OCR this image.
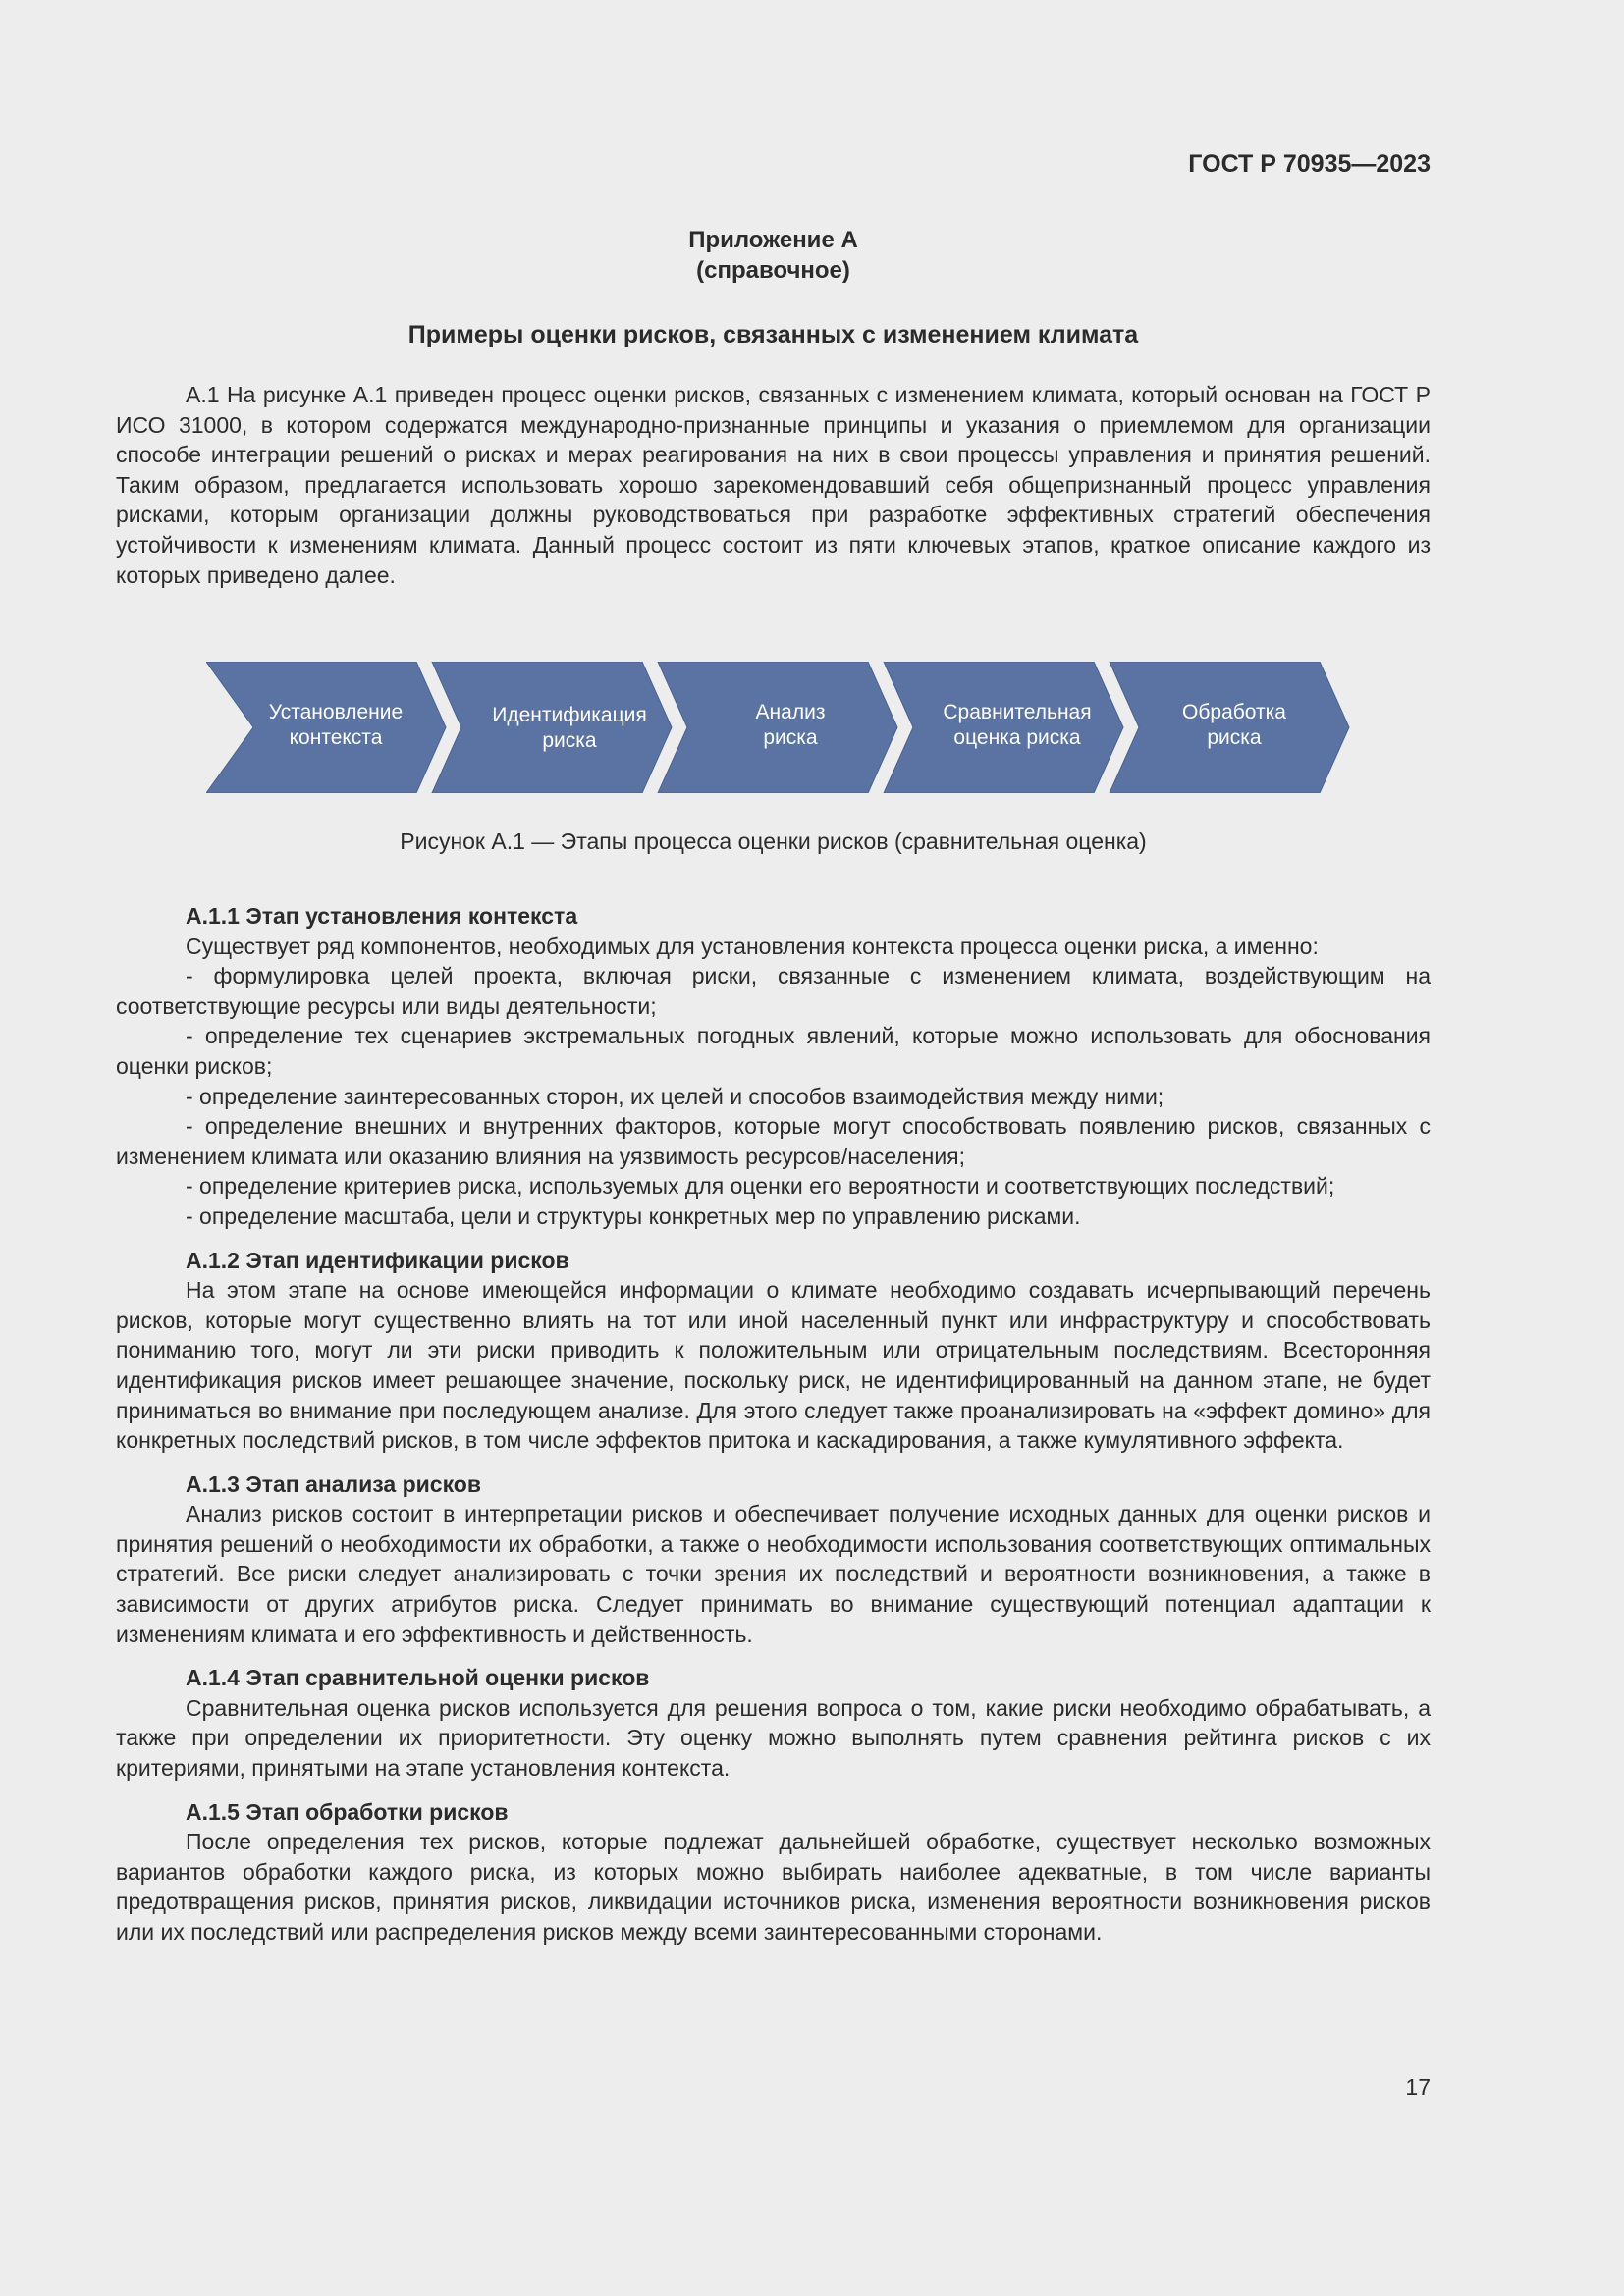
ГОСТ Р 70935—2023
Приложение А
(справочное)
Примеры оценки рисков, связанных с изменением климата

А.1 На рисунке А.1 приведен процесс оценки рисков, связанных с изменением климата, который основан на ГОСТ Р ИСО 31000, в котором содержатся международно-признанные принципы и указания о приемлемом для организации способе интеграции решений о рисках и мерах реагирования на них в свои процессы управления и принятия решений. Таким образом, предлагается использовать хорошо зарекомендовавший себя общепризнанный процесс управления рисками, которым организации должны руководствоваться при разработке эффективных стратегий обеспечения устойчивости к изменениям климата. Данный процесс состоит из пяти ключевых этапов, краткое описание каждого из которых приведено далее.

Установление
контекста
Идентификация
риска
Анализ
риска
Сравнительная
оценка риска
Обработка
риска
Рисунок А.1 — Этапы процесса оценки рисков (сравнительная оценка)
А.1.1 Этап установления контекста

Существует ряд компонентов, необходимых для установления контекста процесса оценки риска, а именно:

- формулировка целей проекта, включая риски, связанные с изменением климата, воздействующим на соответствующие ресурсы или виды деятельности;

- определение тех сценариев экстремальных погодных явлений, которые можно использовать для обоснования оценки рисков;

- определение заинтересованных сторон, их целей и способов взаимодействия между ними;

- определение внешних и внутренних факторов, которые могут способствовать появлению рисков, связанных с изменением климата или оказанию влияния на уязвимость ресурсов/населения;

- определение критериев риска, используемых для оценки его вероятности и соответствующих последствий;

- определение масштаба, цели и структуры конкретных мер по управлению рисками.

А.1.2 Этап идентификации рисков

На этом этапе на основе имеющейся информации о климате необходимо создавать исчерпывающий перечень рисков, которые могут существенно влиять на тот или иной населенный пункт или инфраструктуру и способствовать пониманию того, могут ли эти риски приводить к положительным или отрицательным последствиям. Всесторонняя идентификация рисков имеет решающее значение, поскольку риск, не идентифицированный на данном этапе, не будет приниматься во внимание при последующем анализе. Для этого следует также проанализировать на «эффект домино» для конкретных последствий рисков, в том числе эффектов притока и каскадирования, а также кумулятивного эффекта.

А.1.3 Этап анализа рисков

Анализ рисков состоит в интерпретации рисков и обеспечивает получение исходных данных для оценки рисков и принятия решений о необходимости их обработки, а также о необходимости использования соответствующих оптимальных стратегий. Все риски следует анализировать с точки зрения их последствий и вероятности возникновения, а также в зависимости от других атрибутов риска. Следует принимать во внимание существующий потенциал адаптации к изменениям климата и его эффективность и действенность.

А.1.4 Этап сравнительной оценки рисков

Сравнительная оценка рисков используется для решения вопроса о том, какие риски необходимо обрабатывать, а также при определении их приоритетности. Эту оценку можно выполнять путем сравнения рейтинга рисков с их критериями, принятыми на этапе установления контекста.

А.1.5 Этап обработки рисков

После определения тех рисков, которые подлежат дальнейшей обработке, существует несколько возможных вариантов обработки каждого риска, из которых можно выбирать наиболее адекватные, в том числе варианты предотвращения рисков, принятия рисков, ликвидации источников риска, изменения вероятности возникновения рисков или их последствий или распределения рисков между всеми заинтересованными сторонами.

17
